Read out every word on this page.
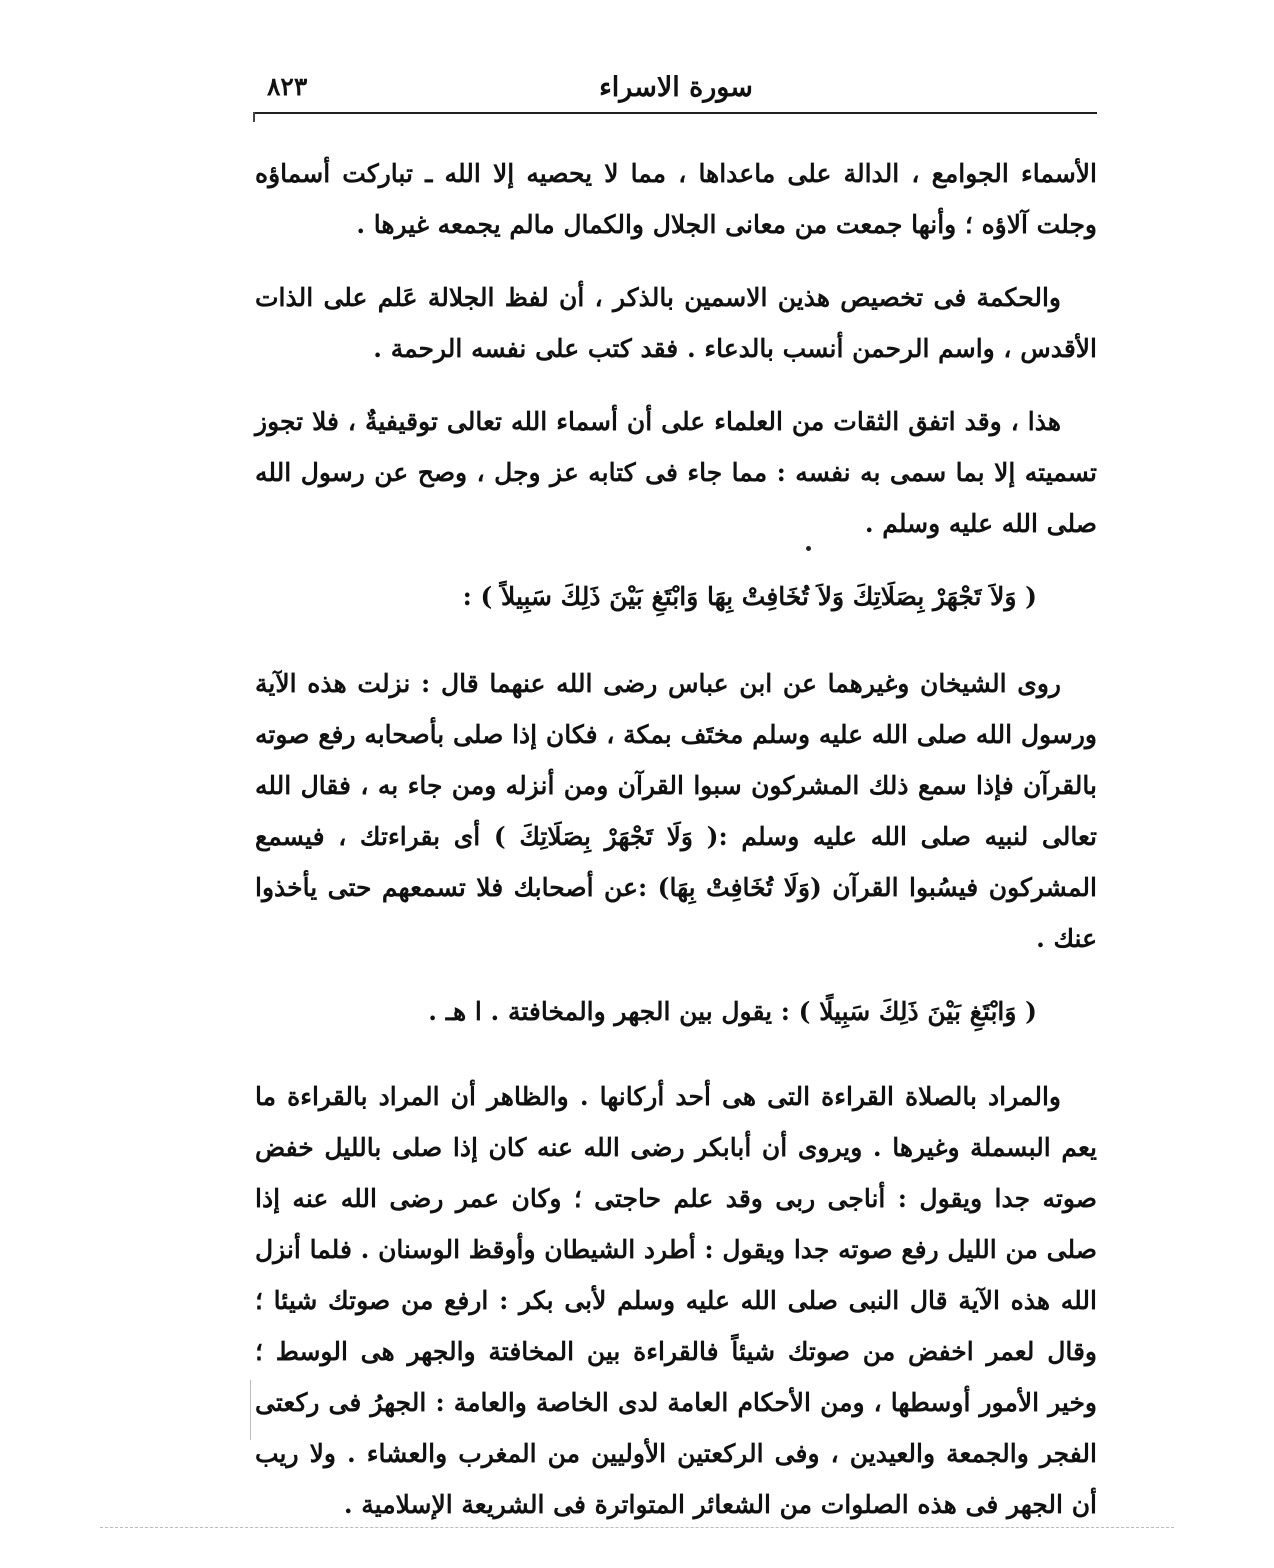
سورة الاسراء
٨٢٣

الأسماء الجوامع ، الدالة على ماعداها ، مما لا يحصيه إلا الله ـ تباركت أسماؤه وجلت آلاؤه ؛ وأنها جمعت من معانى الجلال والكمال مالم يجمعه غيرها .

والحكمة فى تخصيص هذين الاسمين بالذكر ، أن لفظ الجلالة عَلم على الذات الأقدس ، واسم الرحمن أنسب بالدعاء . فقد كتب على نفسه الرحمة .

هذا ، وقد اتفق الثقات من العلماء على أن أسماء الله تعالى توقيفيةٌ ، فلا تجوز تسميته إلا بما سمى به نفسه : مما جاء فى كتابه عز وجل ، وصح عن رسول الله صلى الله عليه وسلم .

( وَلاَ تَجْهَرْ بِصَلَاتِكَ وَلاَ تُخَافِتْ بِهَا وَابْتَغِ بَيْنَ ذَلِكَ سَبِيلاً ) :

روى الشيخان وغيرهما عن ابن عباس رضى الله عنهما قال : نزلت هذه الآية ورسول الله صلى الله عليه وسلم مختَف بمكة ، فكان إذا صلى بأصحابه رفع صوته بالقرآن فإذا سمع ذلك المشركون سبوا القرآن ومن أنزله ومن جاء به ، فقال الله تعالى لنبيه صلى الله عليه وسلم :( وَلَا تَجْهَرْ بِصَلَاتِكَ ) أى بقراءتك ، فيسمع المشركون فيسُبوا القرآن (وَلَا تُخَافِتْ بِهَا) :عن أصحابك فلا تسمعهم حتى يأخذوا عنك .

( وَابْتَغِ بَيْنَ ذَلِكَ سَبِيلًا ) : يقول بين الجهر والمخافتة . ا هـ .

والمراد بالصلاة القراءة التى هى أحد أركانها . والظاهر أن المراد بالقراءة ما يعم البسملة وغيرها . ويروى أن أبابكر رضى الله عنه كان إذا صلى بالليل خفض صوته جدا ويقول : أناجى ربى وقد علم حاجتى ؛ وكان عمر رضى الله عنه إذا صلى من الليل رفع صوته جدا ويقول : أطرد الشيطان وأوقظ الوسنان . فلما أنزل الله هذه الآية قال النبى صلى الله عليه وسلم لأبى بكر : ارفع من صوتك شيئا ؛ وقال لعمر اخفض من صوتك شيئاً فالقراءة بين المخافتة والجهر هى الوسط ؛ وخير الأمور أوسطها ، ومن الأحكام العامة لدى الخاصة والعامة : الجهرُ فى ركعتى الفجر والجمعة والعيدين ، وفى الركعتين الأوليين من المغرب والعشاء . ولا ريب أن الجهر فى هذه الصلوات من الشعائر المتواترة فى الشريعة الإسلامية .
